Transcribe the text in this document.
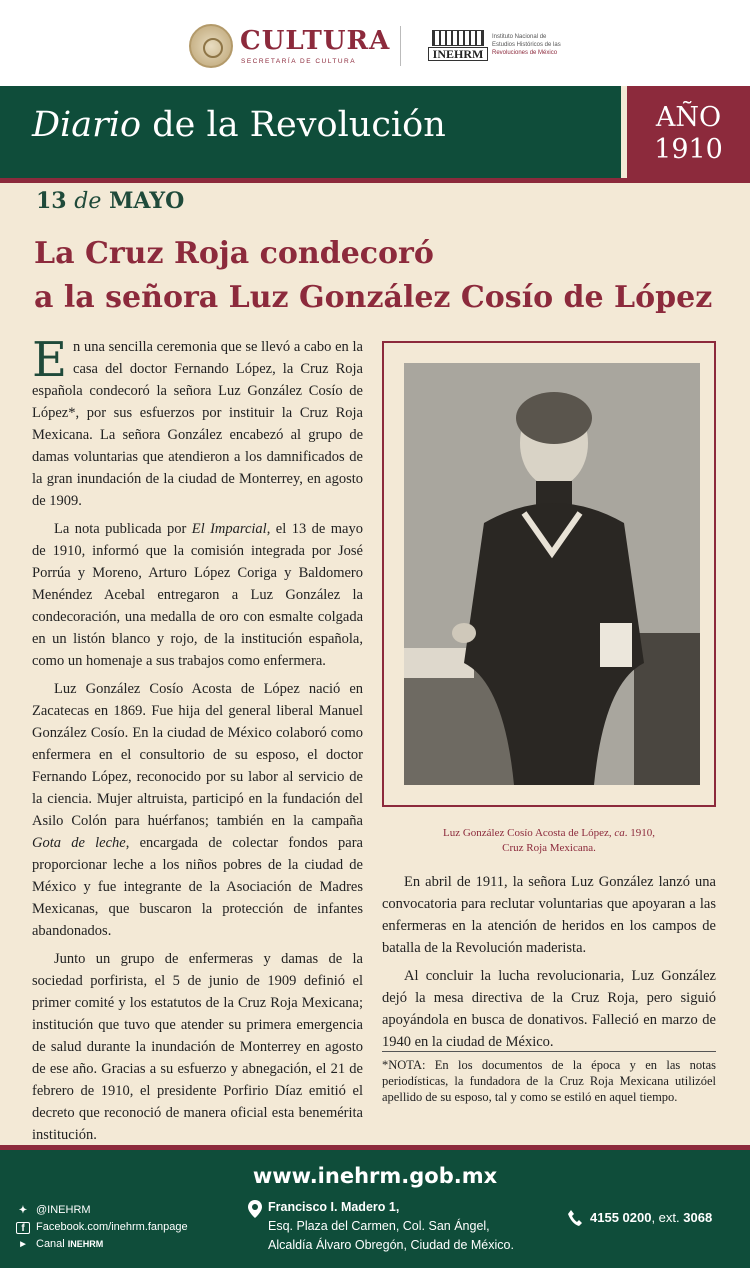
CULTURA
SECRETARÍA DE CULTURA
INEHRM
Instituto Nacional de
Estudios Históricos de las
Revoluciones de México
Diario de la Revolución	AÑO
1910
13 de MAYO
La Cruz Roja condecoró
a la señora Luz González Cosío de López

En una sencilla ceremonia que se llevó a cabo en la casa del doctor Fernando López, la Cruz Roja española condecoró la señora Luz González Cosío de López*, por sus esfuerzos por instituir la Cruz Roja Mexicana. La señora González encabezó al grupo de damas voluntarias que atendieron a los damnificados de la gran inundación de la ciudad de Monterrey, en agosto de 1909.

La nota publicada por El Imparcial, el 13 de mayo de 1910, informó que la comisión integrada por José Porrúa y Moreno, Arturo López Coriga y Baldomero Menéndez Acebal entregaron a Luz González la condecoración, una medalla de oro con esmalte colgada en un listón blanco y rojo, de la institución española, como un homenaje a sus trabajos como enfermera.

Luz González Cosío Acosta de López nació en Zacatecas en 1869. Fue hija del general liberal Manuel González Cosío. En la ciudad de México colaboró como enfermera en el consultorio de su esposo, el doctor Fernando López, reconocido por su labor al servicio de la ciencia. Mujer altruista, participó en la fundación del Asilo Colón para huérfanos; también en la campaña Gota de leche, encargada de colectar fondos para proporcionar leche a los niños pobres de la ciudad de México y fue integrante de la Asociación de Madres Mexicanas, que buscaron la protección de infantes abandonados.

Junto un grupo de enfermeras y damas de la sociedad porfirista, el 5 de junio de 1909 definió el primer comité y los estatutos de la Cruz Roja Mexicana; institución que tuvo que atender su primera emergencia de salud durante la inundación de Monterrey en agosto de ese año. Gracias a su esfuerzo y abnegación, el 21 de febrero de 1910, el presidente Porfirio Díaz emitió el decreto que reconoció de manera oficial esta benemérita institución.

Luz González Cosío Acosta de López, ca. 1910,
Cruz Roja Mexicana.

En abril de 1911, la señora Luz González lanzó una convocatoria para reclutar voluntarias que apoyaran a las enfermeras en la atención de heridos en los campos de batalla de la Revolución maderista.

Al concluir la lucha revolucionaria, Luz González dejó la mesa directiva de la Cruz Roja, pero siguió apoyándola en busca de donativos. Falleció en marzo de 1940 en la ciudad de México.

*NOTA: En los documentos de la época y en las notas periodísticas, la fundadora de la Cruz Roja Mexicana utilizóel apellido de su esposo, tal y como se estiló en aquel tiempo.
www.inehrm.gob.mx
✦ @INEHRM
f	Facebook.com/inehrm.fanpage
▶ Canal INEHRM
Francisco I. Madero 1,
Esq. Plaza del Carmen, Col. San Ángel,
Alcaldía Álvaro Obregón, Ciudad de México.
4155 0200, ext. 3068
